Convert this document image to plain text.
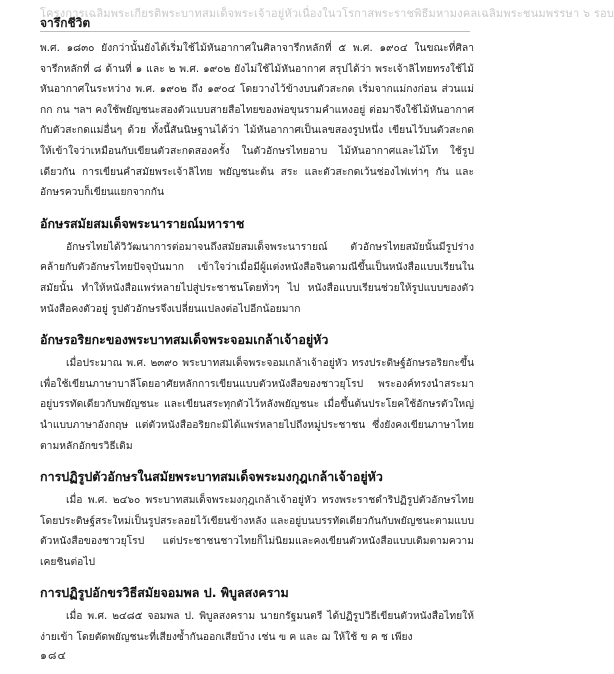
โครงการเฉลิมพระเกียรติพระบาทสมเด็จพระเจ้าอยู่หัวเนื่องในวโรกาสพระราชพิธีมหามงคลเฉลิมพระชนมพรรษา ๖ รอบ
จารึกชีวิต

พ.ศ. ๑๘๓๐ ยังกว่านั้นยังได้เริ่มใช้ไม้หันอากาศในศิลาจารึกหลักที่ ๕ พ.ศ. ๑๙๐๔ ในขณะที่ศิลาจารึกหลักที่ ๘ ด้านที่ ๑ และ ๒ พ.ศ. ๑๙๐๒ ยังไม่ใช้ไม้หันอากาศ สรุปได้ว่า พระเจ้าลิไทยทรงใช้ไม้หันอากาศในระหว่าง พ.ศ. ๑๙๐๒ ถึง ๑๙๐๔ โดยวางไว้ข้างบนตัวสะกด เริ่มจากแม่กงก่อน ส่วนแม่กก กน ฯลฯ คงใช้พยัญชนะสองตัวแบบสายสือไทยของพ่อขุนรามคำแหงอยู่ ต่อมาจึงใช้ไม้หันอากาศกับตัวสะกดแม่อื่นๆ ด้วย ทั้งนี้สันนิษฐานได้ว่า ไม้หันอากาศเป็นเลขสองรูปหนึ่ง เขียนไว้บนตัวสะกดให้เข้าใจว่าเหมือนกับเขียนตัวสะกดสองครั้ง ในตัวอักษรไทยอาบ ไม้หันอากาศและไม้โท ใช้รูปเดียวกัน การเขียนคำสมัยพระเจ้าลิไทย พยัญชนะต้น สระ และตัวสะกดเว้นช่องไฟเท่าๆ กัน และอักษรควบก็เขียนแยกจากกัน

อักษรสมัยสมเด็จพระนารายณ์มหาราช

อักษรไทยได้วิวัฒนาการต่อมาจนถึงสมัยสมเด็จพระนารายณ์ ตัวอักษรไทยสมัยนั้นมีรูปร่างคล้ายกับตัวอักษรไทยปัจจุบันมาก เข้าใจว่าเมื่อมีผู้แต่งหนังสือจินดามณีขึ้นเป็นหนังสือแบบเรียนในสมัยนั้น ทำให้หนังสือแพร่หลายไปสู่ประชาชนโดยทั่วๆ ไป หนังสือแบบเรียนช่วยให้รูปแบบของตัวหนังสือคงตัวอยู่ รูปตัวอักษรจึงเปลี่ยนแปลงต่อไปอีกน้อยมาก

อักษรอริยกะของพระบาทสมเด็จพระจอมเกล้าเจ้าอยู่หัว

เมื่อประมาณ พ.ศ. ๒๓๙๐ พระบาทสมเด็จพระจอมเกล้าเจ้าอยู่หัว ทรงประดิษฐ์อักษรอริยกะขึ้นเพื่อใช้เขียนภาษาบาลีโดยอาศัยหลักการเขียนแบบตัวหนังสือของชาวยุโรป พระองค์ทรงนำสระมาอยู่บรรทัดเดียวกับพยัญชนะ และเขียนสระทุกตัวไว้หลังพยัญชนะ เมื่อขึ้นต้นประโยคใช้อักษรตัวใหญ่นำแบบภาษาอังกฤษ แต่ตัวหนังสืออริยกะมิได้แพร่หลายไปถึงหมู่ประชาชน ซึ่งยังคงเขียนภาษาไทยตามหลักอักขรวิธีเดิม

การปฏิรูปตัวอักษรในสมัยพระบาทสมเด็จพระมงกุฎเกล้าเจ้าอยู่หัว

เมื่อ พ.ศ. ๒๔๖๐ พระบาทสมเด็จพระมงกุฎเกล้าเจ้าอยู่หัว ทรงพระราชดำริปฏิรูปตัวอักษรไทย โดยประดิษฐ์สระใหม่เป็นรูปสระลอยไว้เขียนข้างหลัง และอยู่บนบรรทัดเดียวกันกับพยัญชนะตามแบบตัวหนังสือของชาวยุโรป แต่ประชาชนชาวไทยก็ไม่นิยมและคงเขียนตัวหนังสือแบบเดิมตามความเคยชินต่อไป

การปฏิรูปอักขรวิธีสมัยจอมพล ป. พิบูลสงคราม

เมื่อ พ.ศ. ๒๔๘๕ จอมพล ป. พิบูลสงคราม นายกรัฐมนตรี ได้ปฏิรูปวิธีเขียนตัวหนังสือไทยให้ง่ายเข้า โดยตัดพยัญชนะที่เสียงซ้ำกันออกเสียบ้าง เช่น ฃ ฅ และ ฌ ให้ใช้ ข ค ช เพียง

๑๘๔
